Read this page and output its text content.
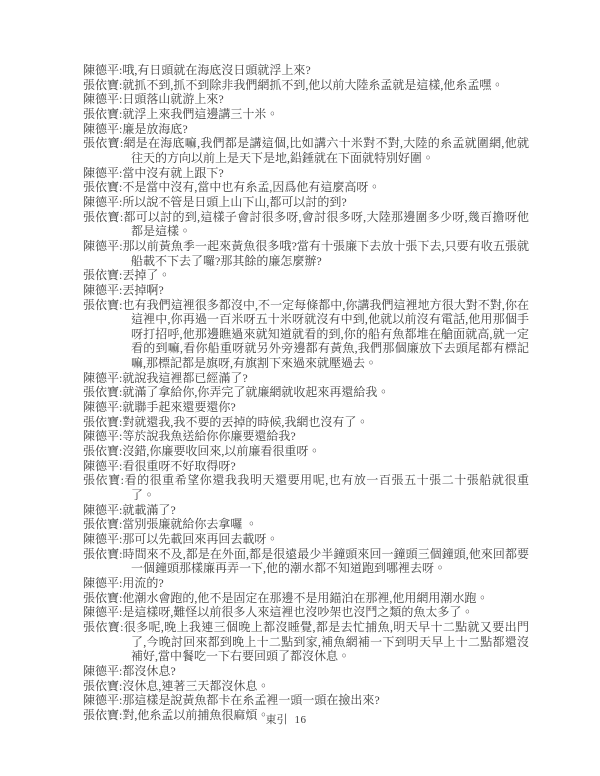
陳德平:哦,有日頭就在海底沒日頭就浮上來?

張依寶:就抓不到,抓不到除非我們網抓不到,他以前大陸糸孟就是這樣,他糸孟嘿。

陳德平:日頭落山就游上來?

張依寶:就浮上來我們這邊講三十米。

陳德平:廉是放海底?

張依寶:網是在海底嘛,我們都是講這個,比如講六十米對不對,大陸的糸孟就圍網,他就往天的方向以前上是天下是地,鉛錘就在下面就特別好圍。

陳德平:當中沒有就上跟下?

張依寶:不是當中沒有,當中也有糸孟,因爲他有這麼高呀。

陳德平:所以說不管是日頭上山下山,都可以討的到?

張依寶:都可以討的到,這樣子會討很多呀,會討很多呀,大陸那邊圍多少呀,幾百擔呀他都是這樣。

陳德平:那以前黃魚季一起來黃魚很多哦?當有十張廉下去放十張下去,只要有收五張就船載不下去了囉?那其餘的廉怎麼辦?

張依寶:丟掉了。

陳德平:丟掉啊?

張依寶:也有我們這裡很多都沒中,不一定每條都中,你講我們這裡地方很大對不對,你在這裡中,你再過一百米呀五十米呀就沒有中到,他就以前沒有電話,他用那個手呀打招呼,他那邊瞧過來就知道就看的到,你的船有魚都堆在艙面就高,就一定看的到嘛,看你船重呀就另外旁邊都有黃魚,我們那個廉放下去頭尾都有標記嘛,那標記都是旗呀,有旗割下來過來就壓過去。

陳德平:就說我這裡都已經滿了?

張依寶:就滿了拿給你,你弄完了就廉網就收起來再還給我。

陳德平:就聯手起來還要還你?

張依寶:對就還我,我不要的丟掉的時候,我網也沒有了。

陳德平:等於說我魚送給你你廉要還給我?

張依寶:沒錯,你廉要收回來,以前廉看很重呀。

陳德平:看很重呀不好取得呀?

張依寶:看的很重希望你還我我明天還要用呢,也有放一百張五十張二十張船就很重了。

陳德平:就載滿了?

張依寶:當別張廉就給你去拿囉 。

陳德平:那可以先載回來再回去載呀。

張依寶:時間來不及,都是在外面,都是很遠最少半鐘頭來回一鐘頭三個鐘頭,他來回都要一個鐘頭那樣廉再弄一下,他的潮水都不知道跑到哪裡去呀。

陳德平:用流的?

張依寶:他潮水會跑的,他不是固定在那邊不是用錨泊在那裡,他用網用潮水跑。

陳德平:是這樣呀,難怪以前很多人來這裡也沒吵架也沒鬥之類的魚太多了。

張依寶:很多呢,晚上我連三個晚上都沒睡覺,都是去忙捕魚,明天早十二點就又要出門了,今晚討回來都到晚上十二點到家,補魚網補一下到明天早上十二點都還沒補好,當中餐吃一下右要回頭了都沒休息。

陳德平:都沒休息?

張依寶:沒休息,連著三天都沒休息。

陳德平:那這樣是說黃魚都卡在糸孟裡一頭一頭在撿出來?

張依寶:對,他糸孟以前捕魚很麻煩。

東引 16
